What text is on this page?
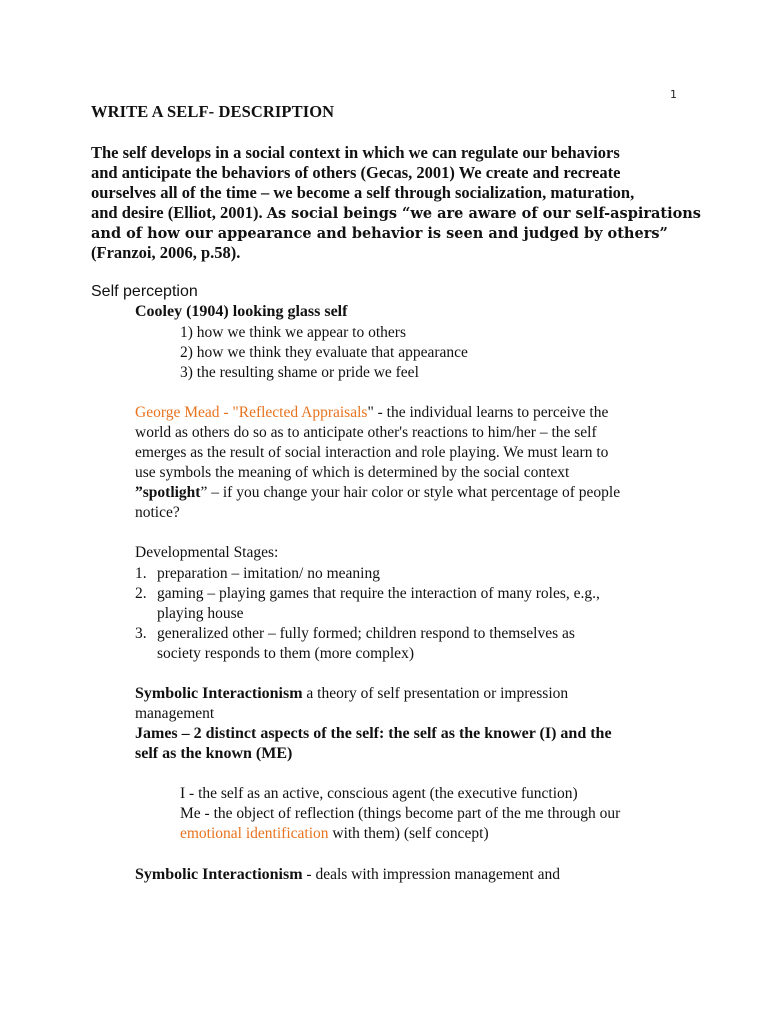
1
WRITE A SELF- DESCRIPTION
The self develops in a social context in which we can regulate our behaviors
and anticipate the behaviors of others (Gecas, 2001) We create and recreate
ourselves all of the time – we become a self through socialization, maturation,
and desire (Elliot, 2001). As social beings “we are aware of our self-aspirations
and of how our appearance and behavior is seen and judged by others”
(Franzoi, 2006, p.58).
Self perception
Cooley (1904) looking glass self
1) how we think we appear to others
2) how we think they evaluate that appearance
3) the resulting shame or pride we feel
George Mead - "Reflected Appraisals" - the individual learns to perceive the
world as others do so as to anticipate other's reactions to him/her – the self
emerges as the result of social interaction and role playing. We must learn to
use symbols the meaning of which is determined by the social context
”spotlight” – if you change your hair color or style what percentage of people
notice?
Developmental Stages:
1. preparation – imitation/ no meaning
2. gaming – playing games that require the interaction of many roles, e.g.,
playing house
3. generalized other – fully formed; children respond to themselves as
society responds to them (more complex)
Symbolic Interactionism a theory of self presentation or impression
management
James – 2 distinct aspects of the self: the self as the knower (I) and the
self as the known (ME)
I - the self as an active, conscious agent (the executive function)
Me - the object of reflection (things become part of the me through our
emotional identification with them) (self concept)
Symbolic Interactionism - deals with impression management and
